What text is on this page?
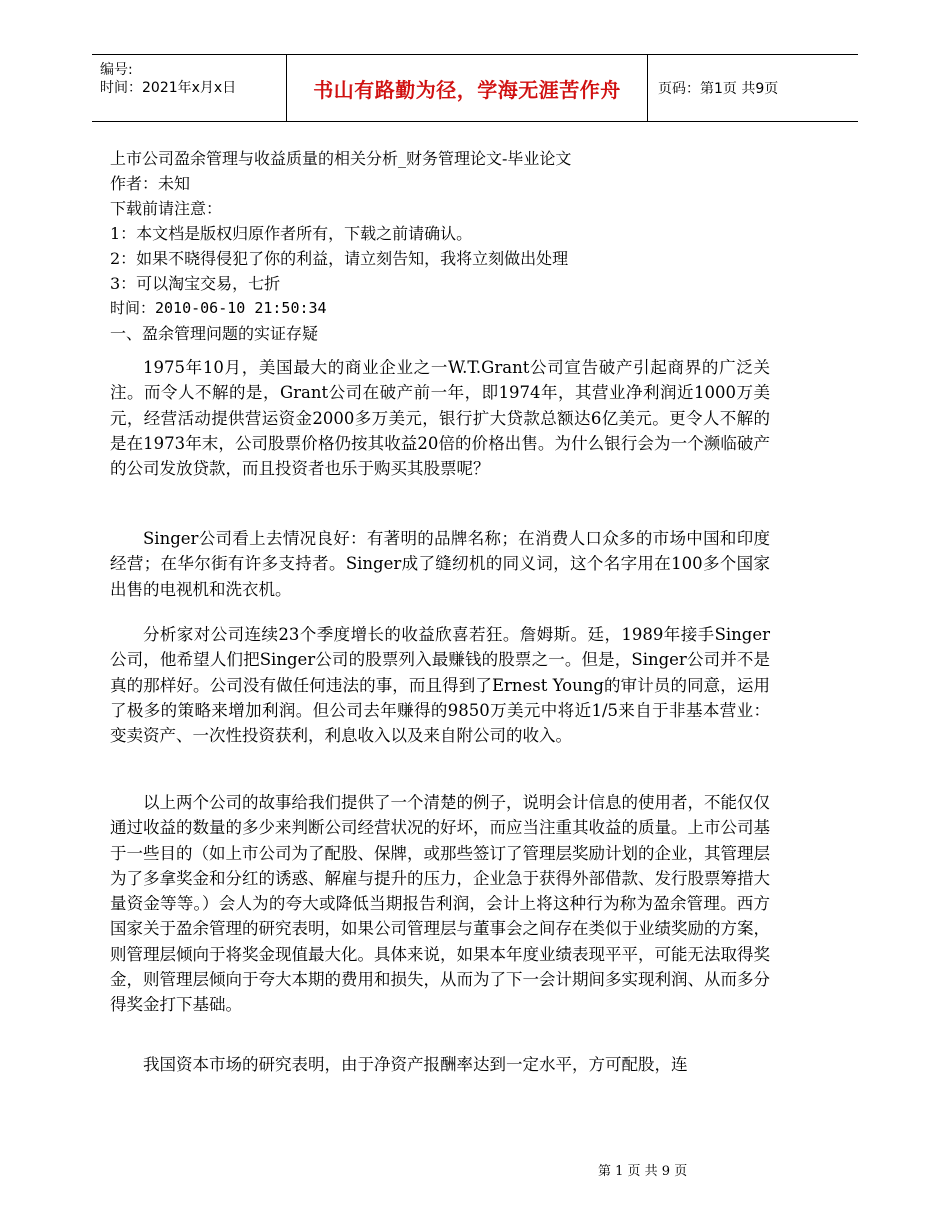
编号:
时间：2021年x月x日	书山有路勤为径，学海无涯苦作舟	页码：第1页 共9页
上市公司盈余管理与收益质量的相关分析_财务管理论文-毕业论文
作者：未知
下载前请注意：
1：本文档是版权归原作者所有，下载之前请确认。
2：如果不晓得侵犯了你的利益，请立刻告知，我将立刻做出处理
3：可以淘宝交易，七折
时间：2010-06-10 21:50:34
一、盈余管理问题的实证存疑

1975年10月，美国最大的商业企业之一W.T.Grant公司宣告破产引起商界的广泛关注。而令人不解的是，Grant公司在破产前一年，即1974年，其营业净利润近1000万美元，经营活动提供营运资金2000多万美元，银行扩大贷款总额达6亿美元。更令人不解的是在1973年末，公司股票价格仍按其收益20倍的价格出售。为什么银行会为一个濒临破产的公司发放贷款，而且投资者也乐于购买其股票呢？

Singer公司看上去情况良好：有著明的品牌名称；在消费人口众多的市场中国和印度经营；在华尔街有许多支持者。Singer成了缝纫机的同义词，这个名字用在100多个国家出售的电视机和洗衣机。

分析家对公司连续23个季度增长的收益欣喜若狂。詹姆斯。廷，1989年接手Singer公司，他希望人们把Singer公司的股票列入最赚钱的股票之一。但是，Singer公司并不是真的那样好。公司没有做任何违法的事，而且得到了Ernest Young的审计员的同意，运用了极多的策略来增加利润。但公司去年赚得的9850万美元中将近1/5来自于非基本营业：变卖资产、一次性投资获利，利息收入以及来自附公司的收入。

以上两个公司的故事给我们提供了一个清楚的例子，说明会计信息的使用者，不能仅仅通过收益的数量的多少来判断公司经营状况的好坏，而应当注重其收益的质量。上市公司基于一些目的（如上市公司为了配股、保牌，或那些签订了管理层奖励计划的企业，其管理层为了多拿奖金和分红的诱惑、解雇与提升的压力，企业急于获得外部借款、发行股票筹措大量资金等等。）会人为的夸大或降低当期报告利润，会计上将这种行为称为盈余管理。西方国家关于盈余管理的研究表明，如果公司管理层与董事会之间存在类似于业绩奖励的方案，则管理层倾向于将奖金现值最大化。具体来说，如果本年度业绩表现平平，可能无法取得奖金，则管理层倾向于夸大本期的费用和损失，从而为了下一会计期间多实现利润、从而多分得奖金打下基础。

我国资本市场的研究表明，由于净资产报酬率达到一定水平，方可配股，连

第 1 页 共 9 页
